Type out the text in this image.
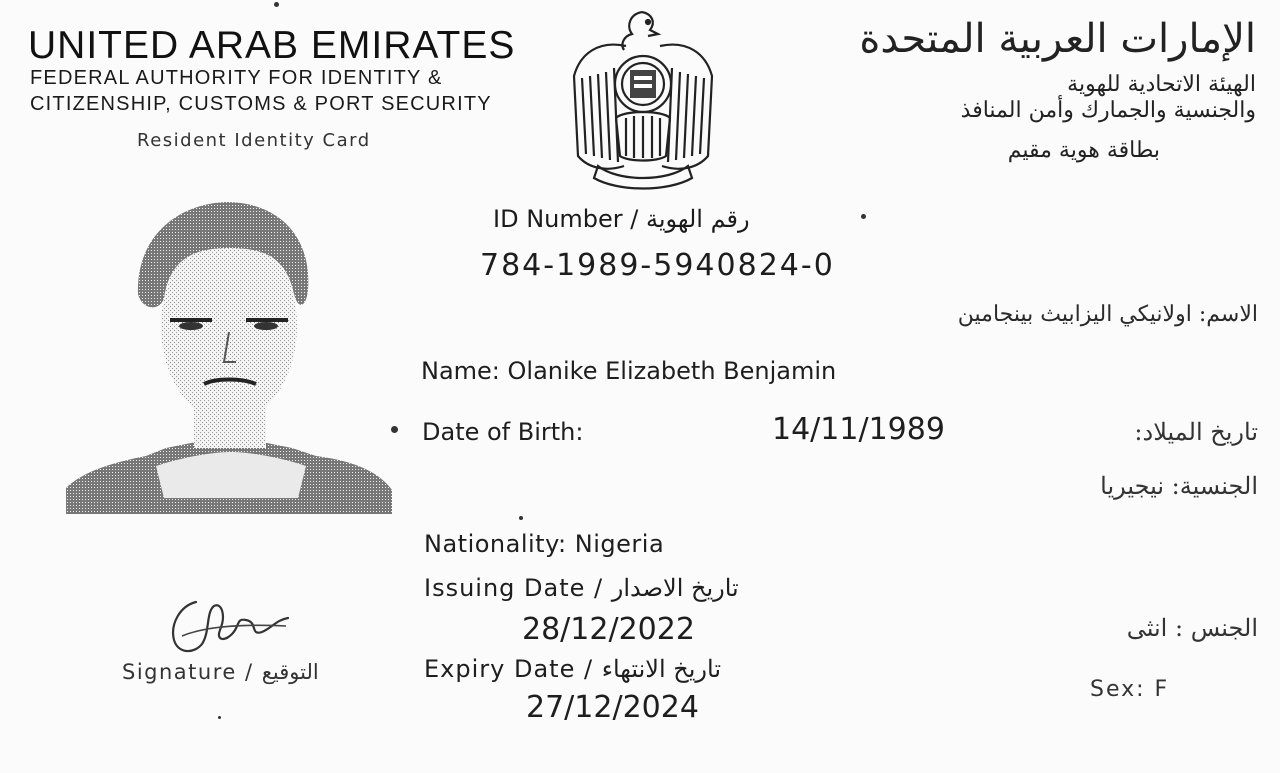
UNITED ARAB EMIRATES
FEDERAL AUTHORITY FOR IDENTITY &
CITIZENSHIP, CUSTOMS & PORT SECURITY
Resident Identity Card
الإمارات العربية المتحدة
الهيئة الاتحادية للهوية
والجنسية والجمارك وأمن المنافذ
بطاقة هوية مقيم
ID Number / رقم الهوية
784-1989-5940824-0
الاسم: اولانيكي اليزابيث بينجامين
Name: Olanike Elizabeth Benjamin
Date of Birth:	14/11/1989	تاريخ الميلاد:
الجنسية: نيجيريا
Nationality: Nigeria
Issuing Date / تاريخ الاصدار
28/12/2022
Expiry Date / تاريخ الانتهاء
27/12/2024
الجنس : انثى
Sex: F
Signature / التوقيع
